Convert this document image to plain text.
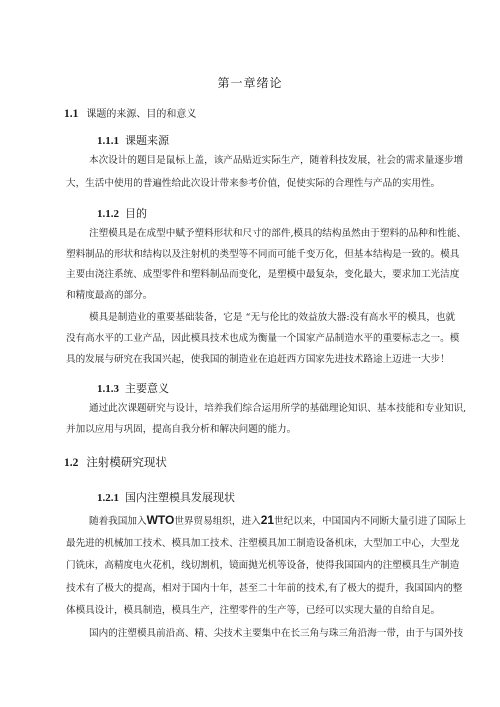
第一章绪论
1.1 课题的来源、目的和意义
1.1.1 课题来源
本次设计的题目是鼠标上盖，该产品贴近实际生产，随着科技发展，社会的需求量逐步增
大，生活中使用的普遍性给此次设计带来参考价值，促使实际的合理性与产品的实用性。
1.1.2 目的
注塑模具是在成型中赋予塑料形状和尺寸的部件,模具的结构虽然由于塑料的品种和性能、
塑料制品的形状和结构以及注射机的类型等不同而可能千变万化，但基本结构是一致的。模具
主要由浇注系统、成型零件和塑料制品而变化，是塑模中最复杂，变化最大，要求加工光洁度
和精度最高的部分。
模具是制造业的重要基础装备，它是 “无与伦比的效益放大器:没有高水平的模具，也就
没有高水平的工业产品，因此模具技术也成为衡量一个国家产品制造水平的重要标志之一。模
具的发展与研究在我国兴起，使我国的制造业在追赶西方国家先进技术路途上迈进一大步！
1.1.3 主要意义
通过此次课题研究与设计，培养我们综合运用所学的基础理论知识、基本技能和专业知识,
并加以应用与巩固，提高自我分析和解决问题的能力。
1.2 注射模研究现状
1.2.1 国内注塑模具发展现状
随着我国加入WTO世界贸易组织，进入21世纪以来，中国国内不同断大量引进了国际上
最先进的机械加工技术、模具加工技术、注塑模具加工制造设备机床，大型加工中心，大型龙
门铣床，高精度电火花机，线切割机，镜面抛光机等设备，使得我国国内的注塑模具生产制造
技术有了极大的提高，相对于国内十年，甚至二十年前的技术,有了极大的提升，我国国内的整
体模具设计，模具制造，模具生产，注塑零件的生产等，已经可以实现大量的自给自足。
国内的注塑模具前沿高、精、尖技术主要集中在长三角与珠三角沿海一带，由于与国外技
